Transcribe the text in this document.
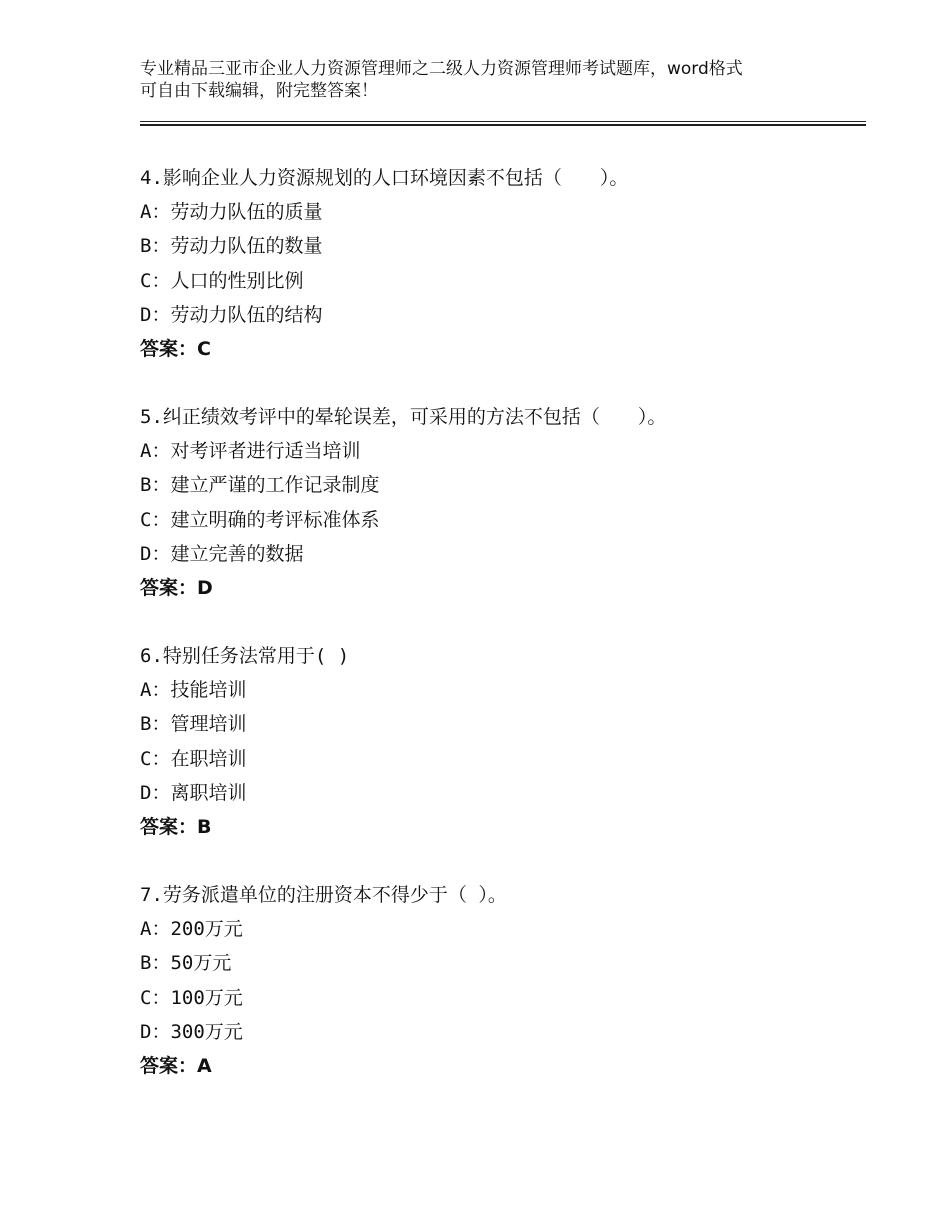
专业精品三亚市企业人力资源管理师之二级人力资源管理师考试题库，word格式
可自由下载编辑，附完整答案！
4.影响企业人力资源规划的人口环境因素不包括（　　）。
A：劳动力队伍的质量
B：劳动力队伍的数量
C：人口的性别比例
D：劳动力队伍的结构
答案：C
5.纠正绩效考评中的晕轮误差，可采用的方法不包括（　　）。
A：对考评者进行适当培训
B：建立严谨的工作记录制度
C：建立明确的考评标准体系
D：建立完善的数据
答案：D
6.特别任务法常用于( )
A：技能培训
B：管理培训
C：在职培训
D：离职培训
答案：B
7.劳务派遣单位的注册资本不得少于（ ）。
A：200万元
B：50万元
C：100万元
D：300万元
答案：A
